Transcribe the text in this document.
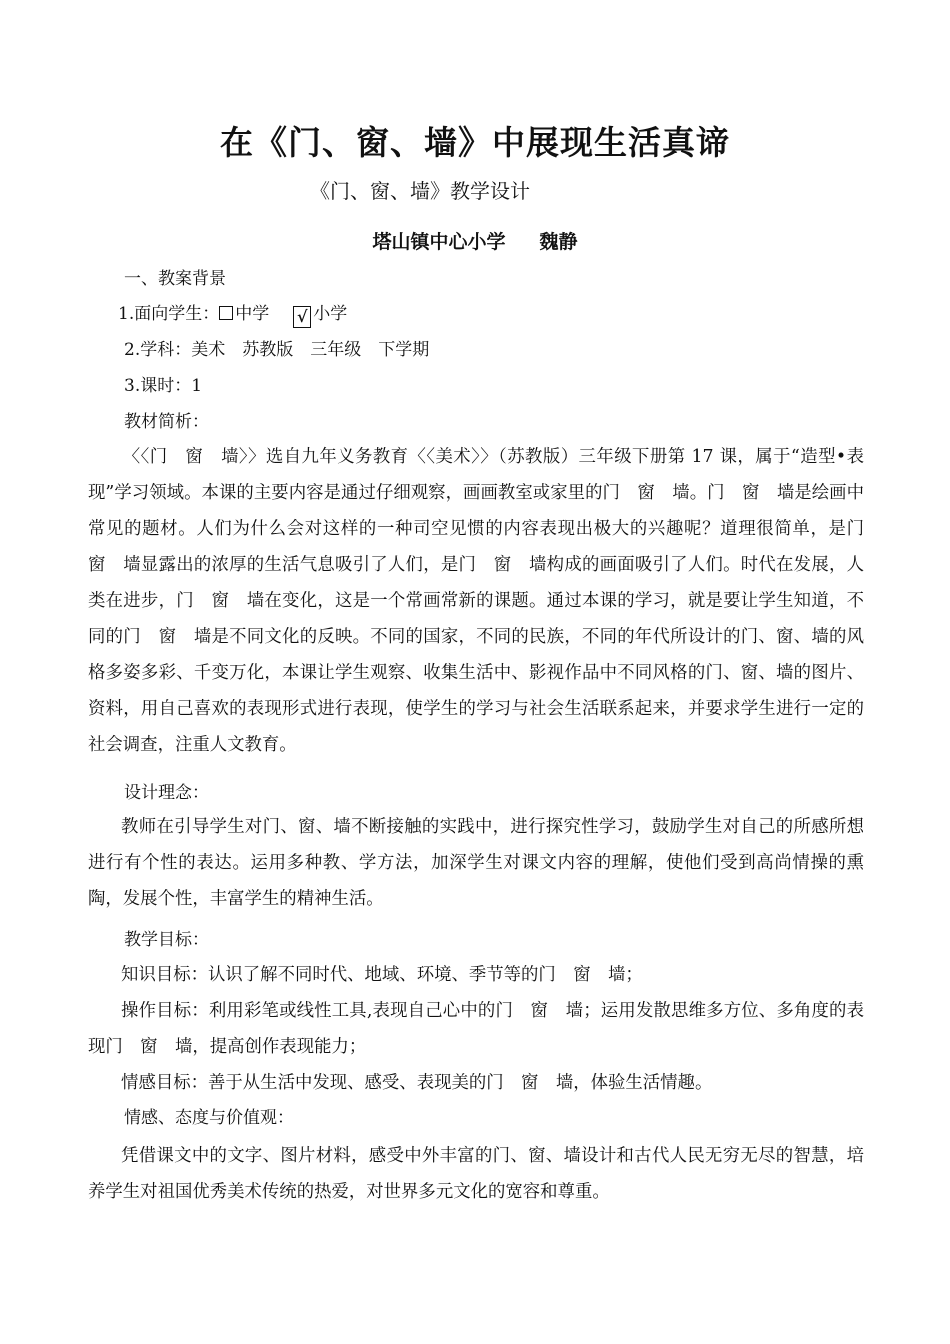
在《门、窗、墙》中展现生活真谛
《门、窗、墙》教学设计
塔山镇中心小学 魏静
一、教案背景
1.面向学生： 中学 √ 小学
2.学科：美术　苏教版　三年级　下学期
3.课时：1
教材简析：
〈〈门　窗　墙〉〉选自九年义务教育〈〈美术〉〉（苏教版）三年级下册第 17 课，属于“造型•表现”学习领域。本课的主要内容是通过仔细观察，画画教室或家里的门　窗　墙。门　窗　墙是绘画中常见的题材。人们为什么会对这样的一种司空见惯的内容表现出极大的兴趣呢？道理很简单，是门　窗　墙显露出的浓厚的生活气息吸引了人们，是门　窗　墙构成的画面吸引了人们。时代在发展，人类在进步，门　窗　墙在变化，这是一个常画常新的课题。通过本课的学习，就是要让学生知道，不同的门　窗　墙是不同文化的反映。不同的国家，不同的民族，不同的年代所设计的门、窗、墙的风格多姿多彩、千变万化，本课让学生观察、收集生活中、影视作品中不同风格的门、窗、墙的图片、资料，用自己喜欢的表现形式进行表现，使学生的学习与社会生活联系起来，并要求学生进行一定的社会调查，注重人文教育。
设计理念：
教师在引导学生对门、窗、墙不断接触的实践中，进行探究性学习，鼓励学生对自己的所感所想进行有个性的表达。运用多种教、学方法，加深学生对课文内容的理解，使他们受到高尚情操的熏陶，发展个性，丰富学生的精神生活。
教学目标：
知识目标：认识了解不同时代、地域、环境、季节等的门　窗　墙；
操作目标：利用彩笔或线性工具,表现自己心中的门　窗　墙；运用发散思维多方位、多角度的表现门　窗　墙，提高创作表现能力；
情感目标：善于从生活中发现、感受、表现美的门　窗　墙，体验生活情趣。
情感、态度与价值观：
凭借课文中的文字、图片材料，感受中外丰富的门、窗、墙设计和古代人民无穷无尽的智慧，培养学生对祖国优秀美术传统的热爱，对世界多元文化的宽容和尊重。
